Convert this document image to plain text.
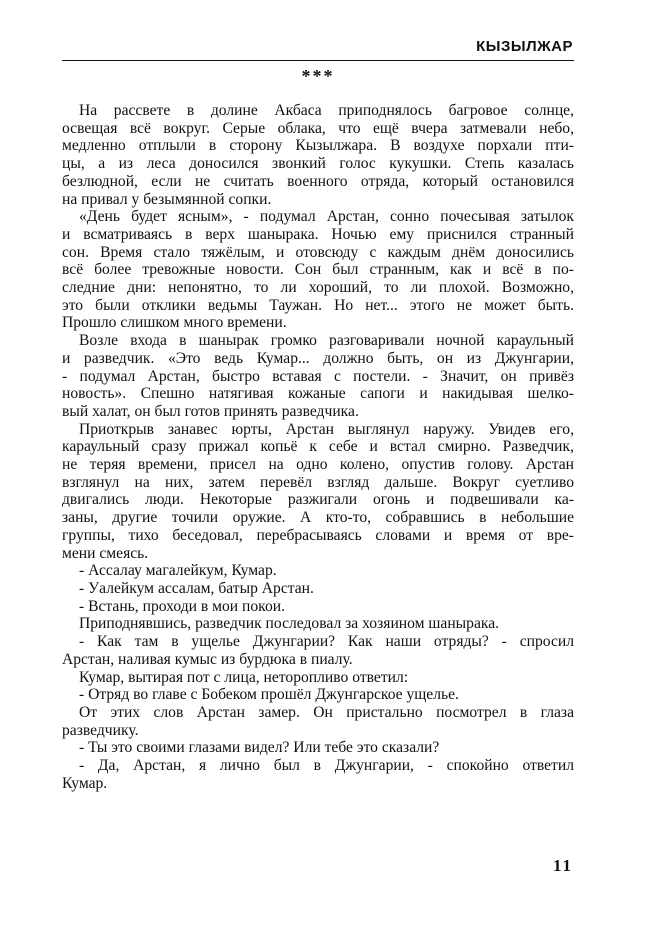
КЫЗЫЛЖАР
***
На рассвете в долине Акбаса приподнялось багровое солнце,
освещая всё вокруг. Серые облака, что ещё вчера затмевали небо,
медленно отплыли в сторону Кызылжара. В воздухе порхали пти-
цы, а из леса доносился звонкий голос кукушки. Степь казалась
безлюдной, если не считать военного отряда, который остановился
на привал у безымянной сопки.
«День будет ясным», - подумал Арстан, сонно почесывая затылок
и всматриваясь в верх шанырака. Ночью ему приснился странный
сон. Время стало тяжёлым, и отовсюду с каждым днём доносились
всё более тревожные новости. Сон был странным, как и всё в по-
следние дни: непонятно, то ли хороший, то ли плохой. Возможно,
это были отклики ведьмы Таужан. Но нет... этого не может быть.
Прошло слишком много времени.
Возле входа в шанырак громко разговаривали ночной караульный
и разведчик. «Это ведь Кумар... должно быть, он из Джунгарии,
- подумал Арстан, быстро вставая с постели. - Значит, он привёз
новость». Спешно натягивая кожаные сапоги и накидывая шелко-
вый халат, он был готов принять разведчика.
Приоткрыв занавес юрты, Арстан выглянул наружу. Увидев его,
караульный сразу прижал копьё к себе и встал смирно. Разведчик,
не теряя времени, присел на одно колено, опустив голову. Арстан
взглянул на них, затем перевёл взгляд дальше. Вокруг суетливо
двигались люди. Некоторые разжигали огонь и подвешивали ка-
заны, другие точили оружие. А кто-то, собравшись в небольшие
группы, тихо беседовал, перебрасываясь словами и время от вре-
мени смеясь.
- Ассалау магалейкум, Кумар.
- Уалейкум ассалам, батыр Арстан.
- Встань, проходи в мои покои.
Приподнявшись, разведчик последовал за хозяином шанырака.
- Как там в ущелье Джунгарии? Как наши отряды? - спросил
Арстан, наливая кумыс из бурдюка в пиалу.
Кумар, вытирая пот с лица, неторопливо ответил:
- Отряд во главе с Бобеком прошёл Джунгарское ущелье.
От этих слов Арстан замер. Он пристально посмотрел в глаза
разведчику.
- Ты это своими глазами видел? Или тебе это сказали?
- Да, Арстан, я лично был в Джунгарии, - спокойно ответил
Кумар.
11
